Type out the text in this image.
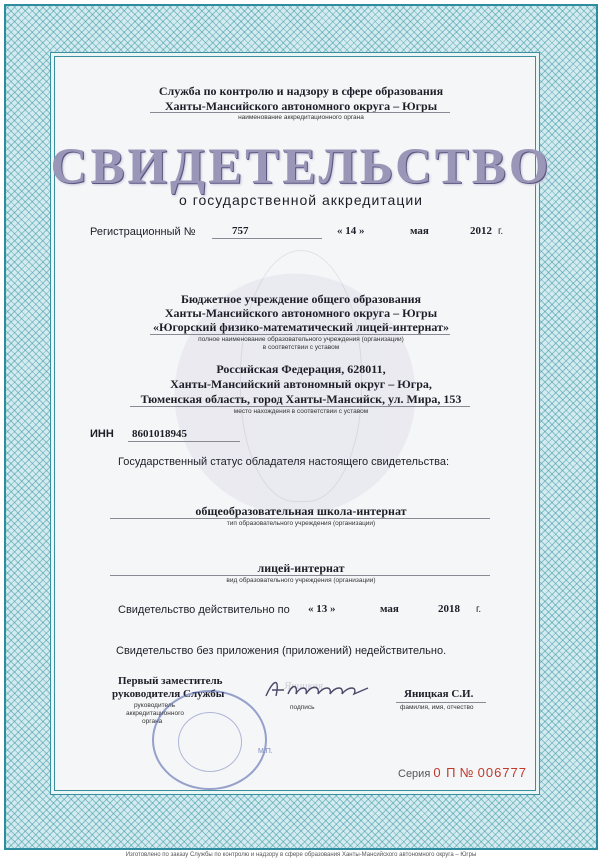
Служба по контролю и надзору в сфере образования
Ханты-Мансийского автономного округа – Югры
наименование аккредитационного органа
СВИДЕТЕЛЬСТВО
о государственной аккредитации
Регистрационный №	757	« 14 »	мая	2012 г.
Бюджетное учреждение общего образования
Ханты-Мансийского автономного округа – Югры
«Югорский физико-математический лицей-интернат»
полное наименование образовательного учреждения (организации)
в соответствии с уставом
Российская Федерация, 628011,
Ханты-Мансийский автономный округ – Югра,
Тюменская область, город Ханты-Мансийск, ул. Мира, 153
место нахождения в соответствии с уставом
ИНН 8601018945
Государственный статус обладателя настоящего свидетельства:
общеобразовательная школа-интернат
тип образовательного учреждения (организации)
лицей-интернат
вид образовательного учреждения (организации)
Свидетельство действительно по « 13 »	мая	2018 г.
Свидетельство без приложения (приложений) недействительно.
Первый заместитель
руководителя Службы
руководитель
аккредитационного
органа
М.П.
Яницкая
подпись
Яницкая С.И.
фамилия, имя, отчество
Серия 0 П № 006777
Изготовлено по заказу Службы по контролю и надзору в сфере образования Ханты-Мансийского автономного округа – Югры
